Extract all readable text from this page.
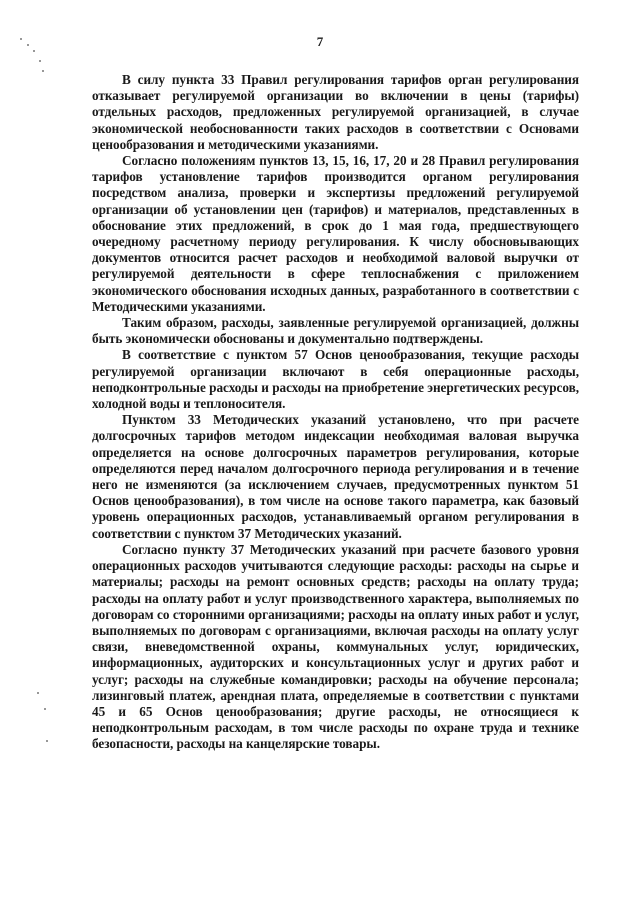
7

В силу пункта 33 Правил регулирования тарифов орган регулирования отказывает регулируемой организации во включении в цены (тарифы) отдельных расходов, предложенных регулируемой организацией, в случае экономической необоснованности таких расходов в соответствии с Основами ценообразования и методическими указаниями.

Согласно положениям пунктов 13, 15, 16, 17, 20 и 28 Правил регулирования тарифов установление тарифов производится органом регулирования посредством анализа, проверки и экспертизы предложений регулируемой организации об установлении цен (тарифов) и материалов, представленных в обоснование этих предложений, в срок до 1 мая года, предшествующего очередному расчетному периоду регулирования. К числу обосновывающих документов относится расчет расходов и необходимой валовой выручки от регулируемой деятельности в сфере теплоснабжения с приложением экономического обоснования исходных данных, разработанного в соответствии с Методическими указаниями.

Таким образом, расходы, заявленные регулируемой организацией, должны быть экономически обоснованы и документально подтверждены.

В соответствие с пунктом 57 Основ ценообразования, текущие расходы регулируемой организации включают в себя операционные расходы, неподконтрольные расходы и расходы на приобретение энергетических ресурсов, холодной воды и теплоносителя.

Пунктом 33 Методических указаний установлено, что при расчете долгосрочных тарифов методом индексации необходимая валовая выручка определяется на основе долгосрочных параметров регулирования, которые определяются перед началом долгосрочного периода регулирования и в течение него не изменяются (за исключением случаев, предусмотренных пунктом 51 Основ ценообразования), в том числе на основе такого параметра, как базовый уровень операционных расходов, устанавливаемый органом регулирования в соответствии с пунктом 37 Методических указаний.

Согласно пункту 37 Методических указаний при расчете базового уровня операционных расходов учитываются следующие расходы: расходы на сырье и материалы; расходы на ремонт основных средств; расходы на оплату труда; расходы на оплату работ и услуг производственного характера, выполняемых по договорам со сторонними организациями; расходы на оплату иных работ и услуг, выполняемых по договорам с организациями, включая расходы на оплату услуг связи, вневедомственной охраны, коммунальных услуг, юридических, информационных, аудиторских и консультационных услуг и других работ и услуг; расходы на служебные командировки; расходы на обучение персонала; лизинговый платеж, арендная плата, определяемые в соответствии с пунктами 45 и 65 Основ ценообразования; другие расходы, не относящиеся к неподконтрольным расходам, в том числе расходы по охране труда и технике безопасности, расходы на канцелярские товары.
